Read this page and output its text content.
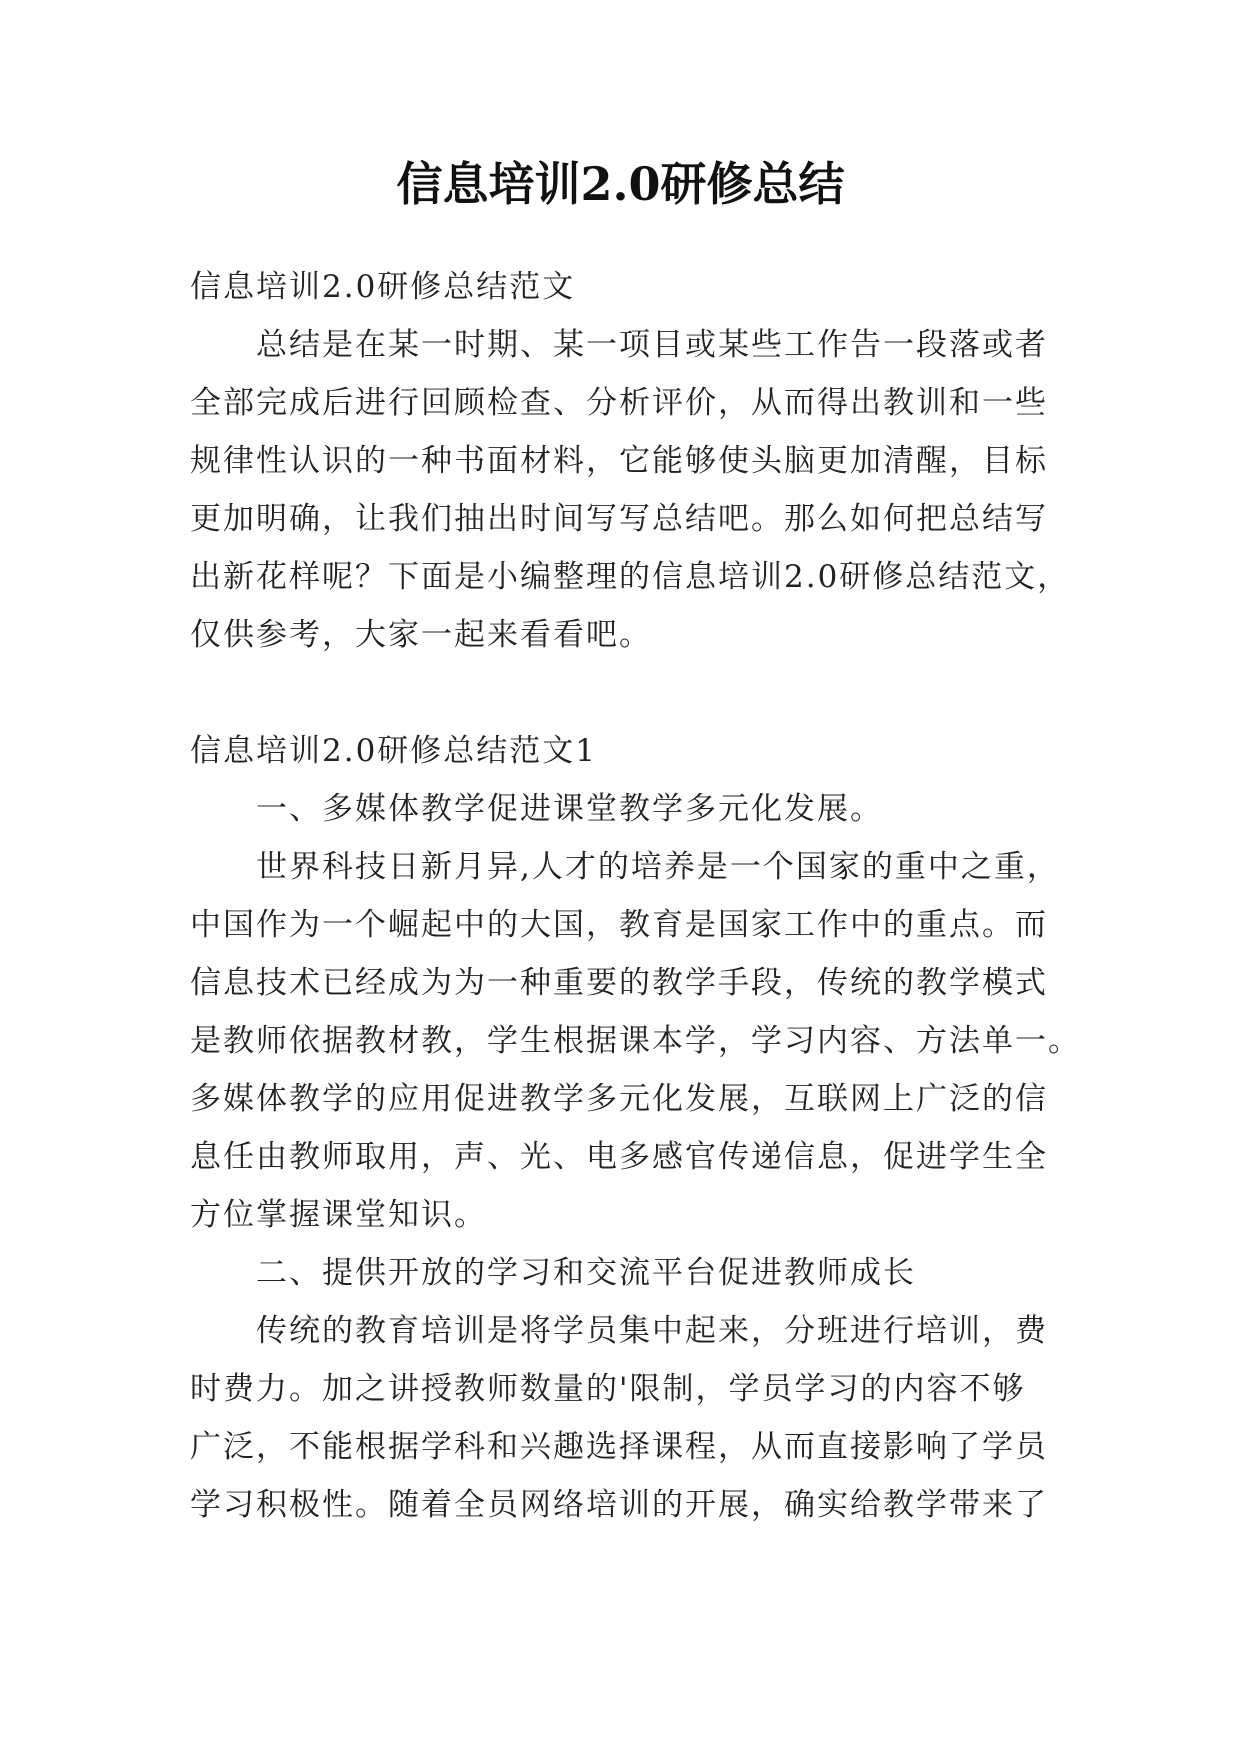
信息培训2.0研修总结

信息培训2.0研修总结范文

总结是在某一时期、某一项目或某些工作告一段落或者

全部完成后进行回顾检查、分析评价，从而得出教训和一些

规律性认识的一种书面材料，它能够使头脑更加清醒，目标

更加明确，让我们抽出时间写写总结吧。那么如何把总结写

出新花样呢？下面是小编整理的信息培训2.0研修总结范文，

仅供参考，大家一起来看看吧。

信息培训2.0研修总结范文1

一、多媒体教学促进课堂教学多元化发展。

世界科技日新月异,人才的培养是一个国家的重中之重，

中国作为一个崛起中的大国，教育是国家工作中的重点。而

信息技术已经成为为一种重要的教学手段，传统的教学模式

是教师依据教材教，学生根据课本学，学习内容、方法单一。

多媒体教学的应用促进教学多元化发展，互联网上广泛的信

息任由教师取用，声、光、电多感官传递信息，促进学生全

方位掌握课堂知识。

二、提供开放的学习和交流平台促进教师成长

传统的教育培训是将学员集中起来，分班进行培训，费

时费力。加之讲授教师数量的'限制，学员学习的内容不够

广泛，不能根据学科和兴趣选择课程，从而直接影响了学员

学习积极性。随着全员网络培训的开展，确实给教学带来了
